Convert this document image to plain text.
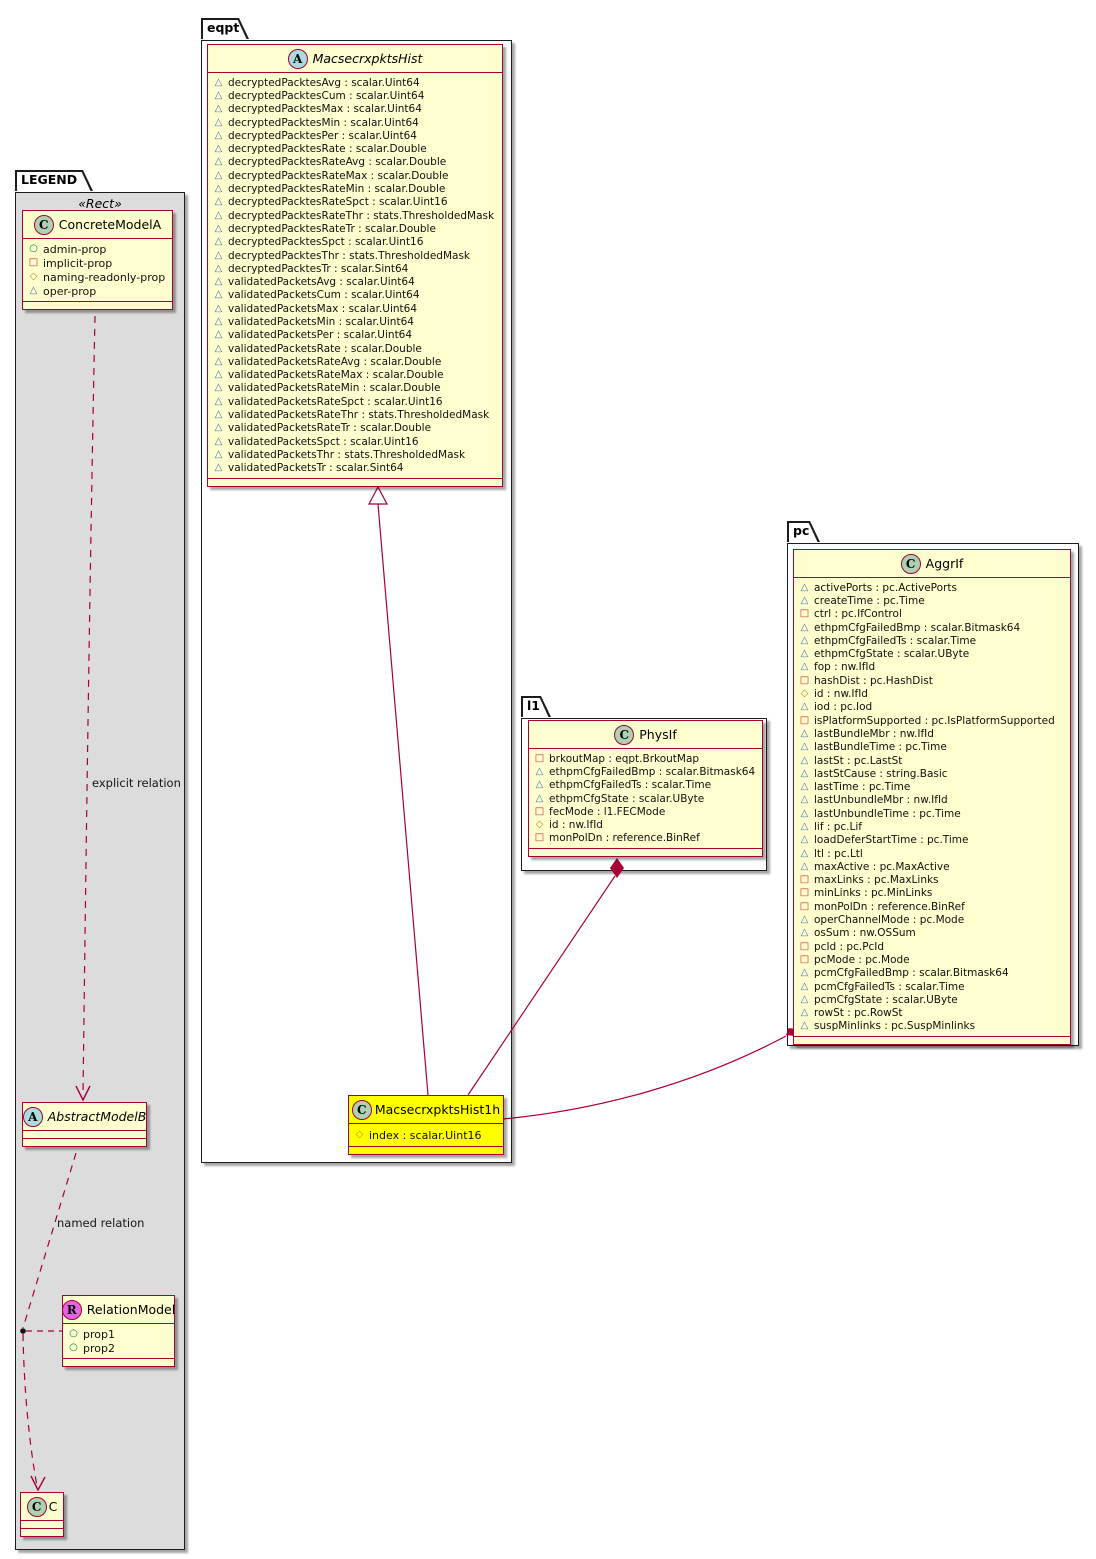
LEGEND
eqpt
l1
pc
«Rect»
C ConcreteModelA
○ admin-prop
□ implicit-prop
◇ naming-readonly-prop
△ oper-prop
A AbstractModelB
R RelationModel
○ prop1
○ prop2
C C
explicit relation
named relation
A MacsecrxpktsHist
△ decryptedPacktesAvg : scalar.Uint64
△ decryptedPacktesCum : scalar.Uint64
△ decryptedPacktesMax : scalar.Uint64
△ decryptedPacktesMin : scalar.Uint64
△ decryptedPacktesPer : scalar.Uint64
△ decryptedPacktesRate : scalar.Double
△ decryptedPacktesRateAvg : scalar.Double
△ decryptedPacktesRateMax : scalar.Double
△ decryptedPacktesRateMin : scalar.Double
△ decryptedPacktesRateSpct : scalar.Uint16
△ decryptedPacktesRateThr : stats.ThresholdedMask
△ decryptedPacktesRateTr : scalar.Double
△ decryptedPacktesSpct : scalar.Uint16
△ decryptedPacktesThr : stats.ThresholdedMask
△ decryptedPacktesTr : scalar.Sint64
△ validatedPacketsAvg : scalar.Uint64
△ validatedPacketsCum : scalar.Uint64
△ validatedPacketsMax : scalar.Uint64
△ validatedPacketsMin : scalar.Uint64
△ validatedPacketsPer : scalar.Uint64
△ validatedPacketsRate : scalar.Double
△ validatedPacketsRateAvg : scalar.Double
△ validatedPacketsRateMax : scalar.Double
△ validatedPacketsRateMin : scalar.Double
△ validatedPacketsRateSpct : scalar.Uint16
△ validatedPacketsRateThr : stats.ThresholdedMask
△ validatedPacketsRateTr : scalar.Double
△ validatedPacketsSpct : scalar.Uint16
△ validatedPacketsThr : stats.ThresholdedMask
△ validatedPacketsTr : scalar.Sint64
C MacsecrxpktsHist1h
◇ index : scalar.Uint16
C PhysIf
□ brkoutMap : eqpt.BrkoutMap
△ ethpmCfgFailedBmp : scalar.Bitmask64
△ ethpmCfgFailedTs : scalar.Time
△ ethpmCfgState : scalar.UByte
□ fecMode : l1.FECMode
◇ id : nw.IfId
□ monPolDn : reference.BinRef
C AggrIf
△ activePorts : pc.ActivePorts
△ createTime : pc.Time
□ ctrl : pc.IfControl
△ ethpmCfgFailedBmp : scalar.Bitmask64
△ ethpmCfgFailedTs : scalar.Time
△ ethpmCfgState : scalar.UByte
△ fop : nw.IfId
□ hashDist : pc.HashDist
◇ id : nw.IfId
△ iod : pc.Iod
□ isPlatformSupported : pc.IsPlatformSupported
△ lastBundleMbr : nw.IfId
△ lastBundleTime : pc.Time
△ lastSt : pc.LastSt
△ lastStCause : string.Basic
△ lastTime : pc.Time
△ lastUnbundleMbr : nw.IfId
△ lastUnbundleTime : pc.Time
△ lif : pc.Lif
△ loadDeferStartTime : pc.Time
△ ltl : pc.Ltl
△ maxActive : pc.MaxActive
□ maxLinks : pc.MaxLinks
□ minLinks : pc.MinLinks
□ monPolDn : reference.BinRef
△ operChannelMode : pc.Mode
△ osSum : nw.OSSum
□ pcId : pc.PcId
□ pcMode : pc.Mode
△ pcmCfgFailedBmp : scalar.Bitmask64
△ pcmCfgFailedTs : scalar.Time
△ pcmCfgState : scalar.UByte
△ rowSt : pc.RowSt
△ suspMinlinks : pc.SuspMinlinks
